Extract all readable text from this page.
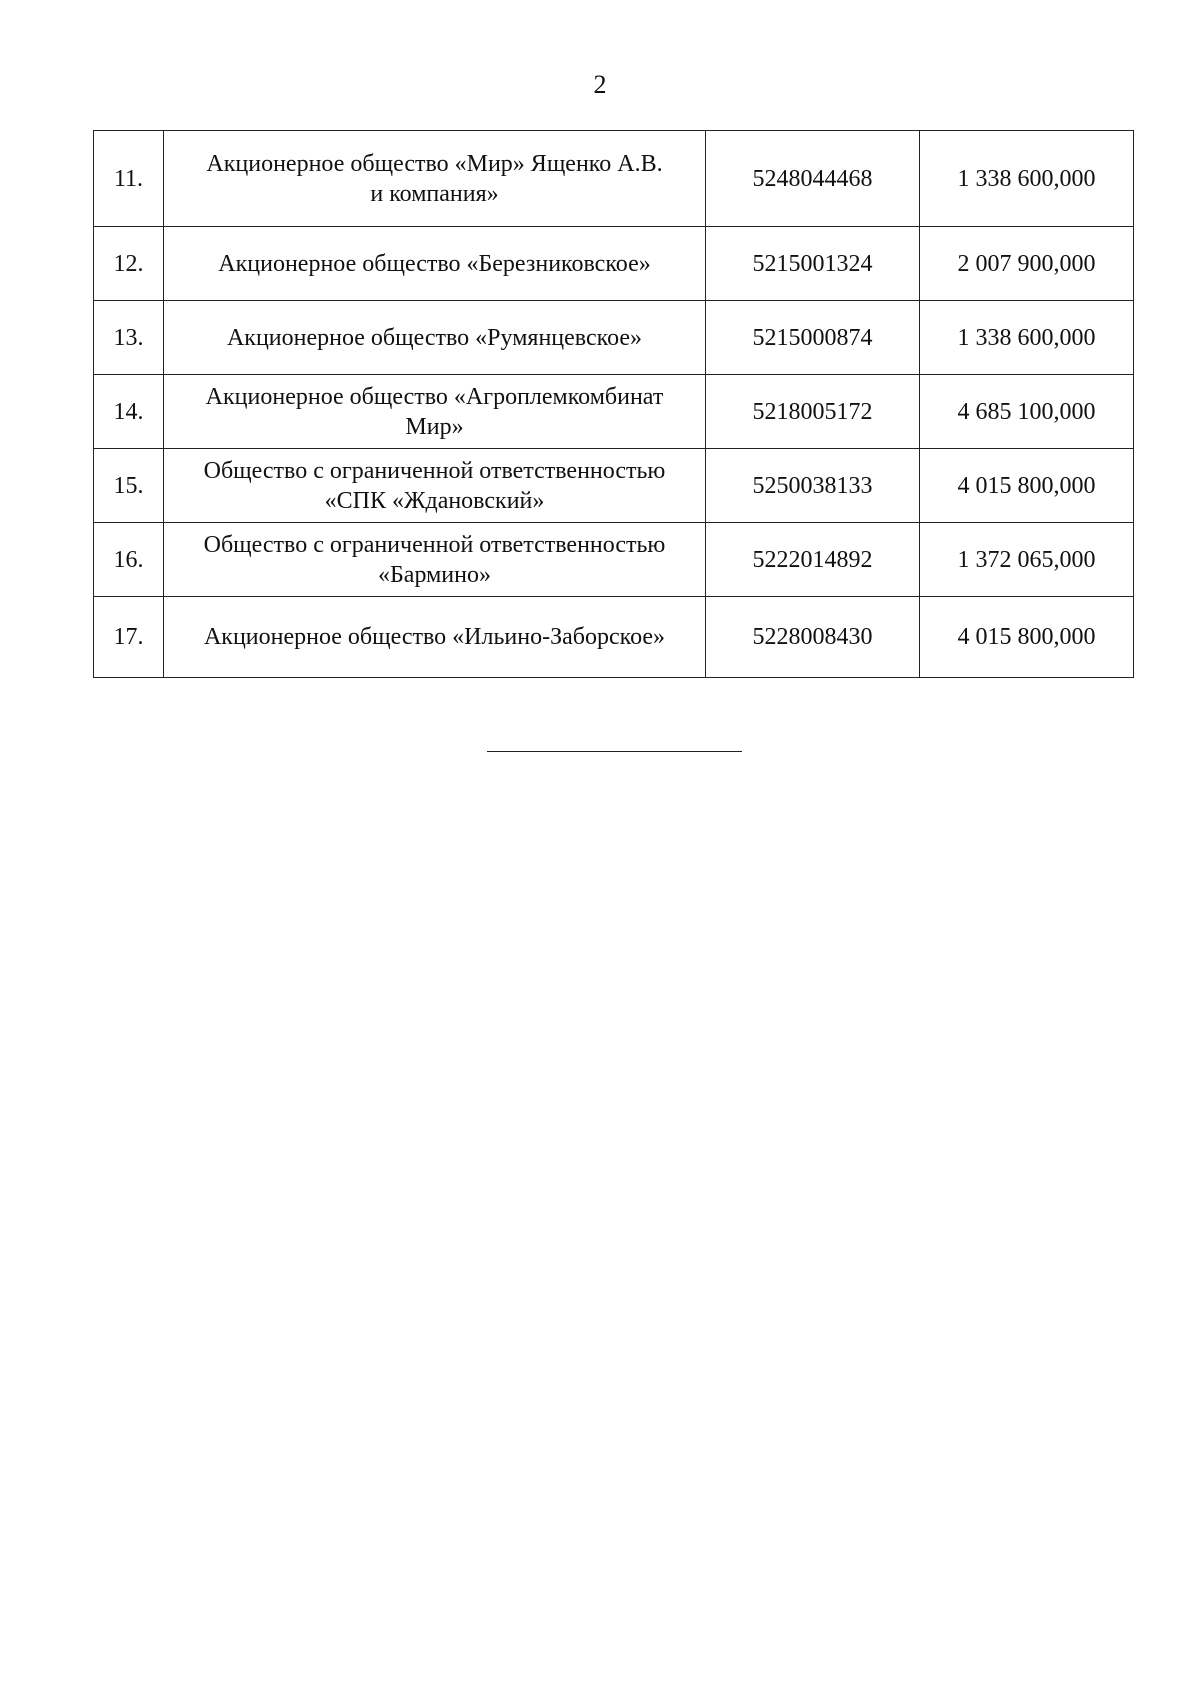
2
11.	Акционерное общество «Мир» Ященко А.В.
и компания»	5248044468	1 338 600,000
12.	Акционерное общество «Березниковское»	5215001324	2 007 900,000
13.	Акционерное общество «Румянцевское»	5215000874	1 338 600,000
14.	Акционерное общество «Агроплемкомбинат
Мир»	5218005172	4 685 100,000
15.	Общество с ограниченной ответственностью
«СПК «Ждановский»	5250038133	4 015 800,000
16.	Общество с ограниченной ответственностью
«Бармино»	5222014892	1 372 065,000
17.	Акционерное общество «Ильино-Заборское»	5228008430	4 015 800,000
